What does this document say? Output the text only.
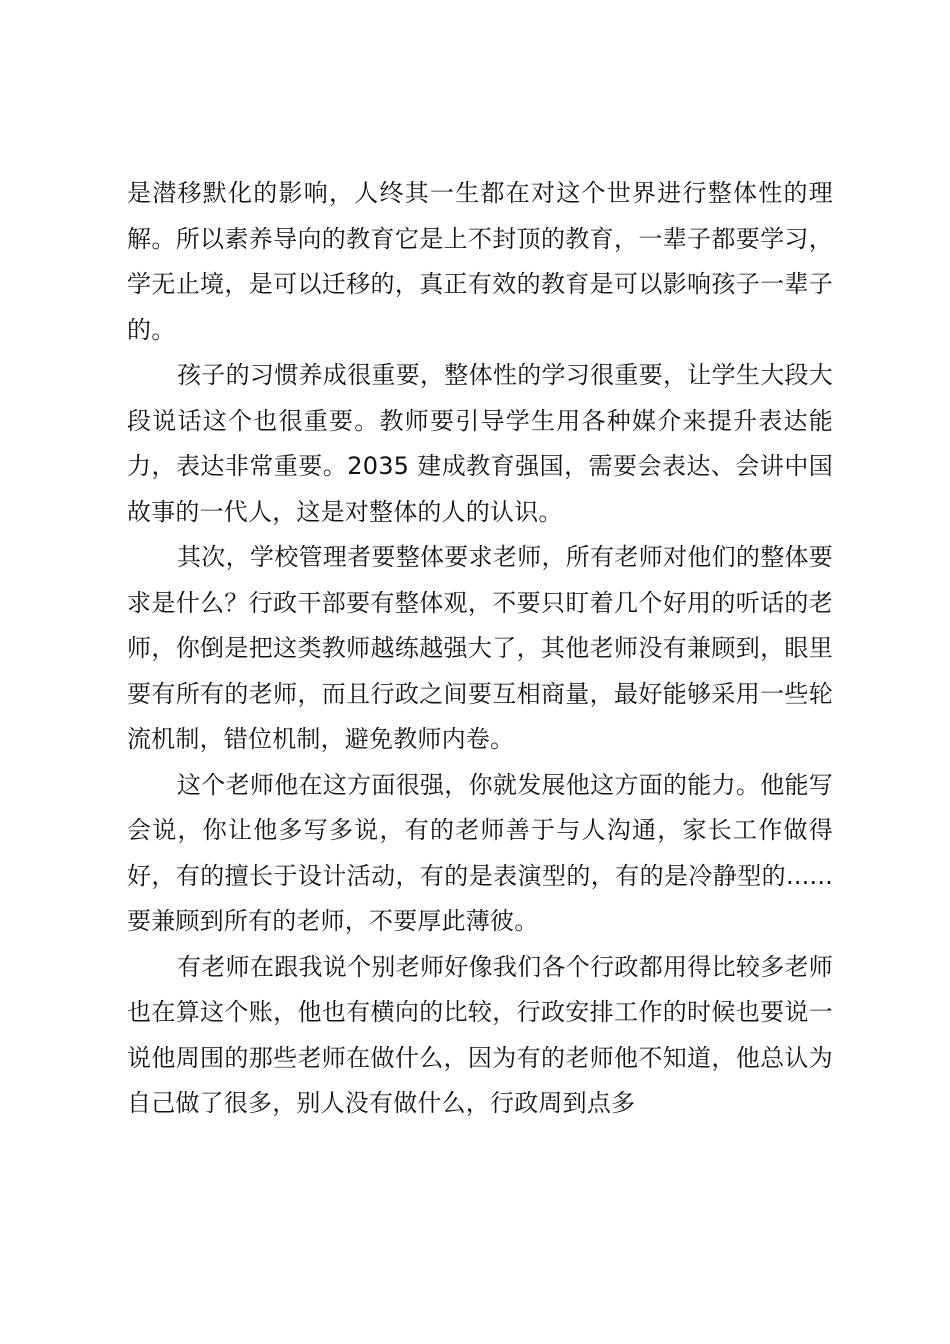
是潜移默化的影响，人终其一生都在对这个世界进行整体性的理解。所以素养导向的教育它是上不封顶的教育，一辈子都要学习，学无止境，是可以迁移的，真正有效的教育是可以影响孩子一辈子的。

孩子的习惯养成很重要，整体性的学习很重要，让学生大段大段说话这个也很重要。教师要引导学生用各种媒介来提升表达能力，表达非常重要。2035 建成教育强国，需要会表达、会讲中国故事的一代人，这是对整体的人的认识。

其次，学校管理者要整体要求老师，所有老师对他们的整体要求是什么？行政干部要有整体观，不要只盯着几个好用的听话的老师，你倒是把这类教师越练越强大了，其他老师没有兼顾到，眼里要有所有的老师，而且行政之间要互相商量，最好能够采用一些轮流机制，错位机制，避免教师内卷。

这个老师他在这方面很强，你就发展他这方面的能力。他能写会说，你让他多写多说，有的老师善于与人沟通，家长工作做得好，有的擅长于设计活动，有的是表演型的，有的是冷静型的......要兼顾到所有的老师，不要厚此薄彼。

有老师在跟我说个别老师好像我们各个行政都用得比较多老师也在算这个账，他也有横向的比较，行政安排工作的时候也要说一说他周围的那些老师在做什么，因为有的老师他不知道，他总认为自己做了很多，别人没有做什么，行政周到点多
